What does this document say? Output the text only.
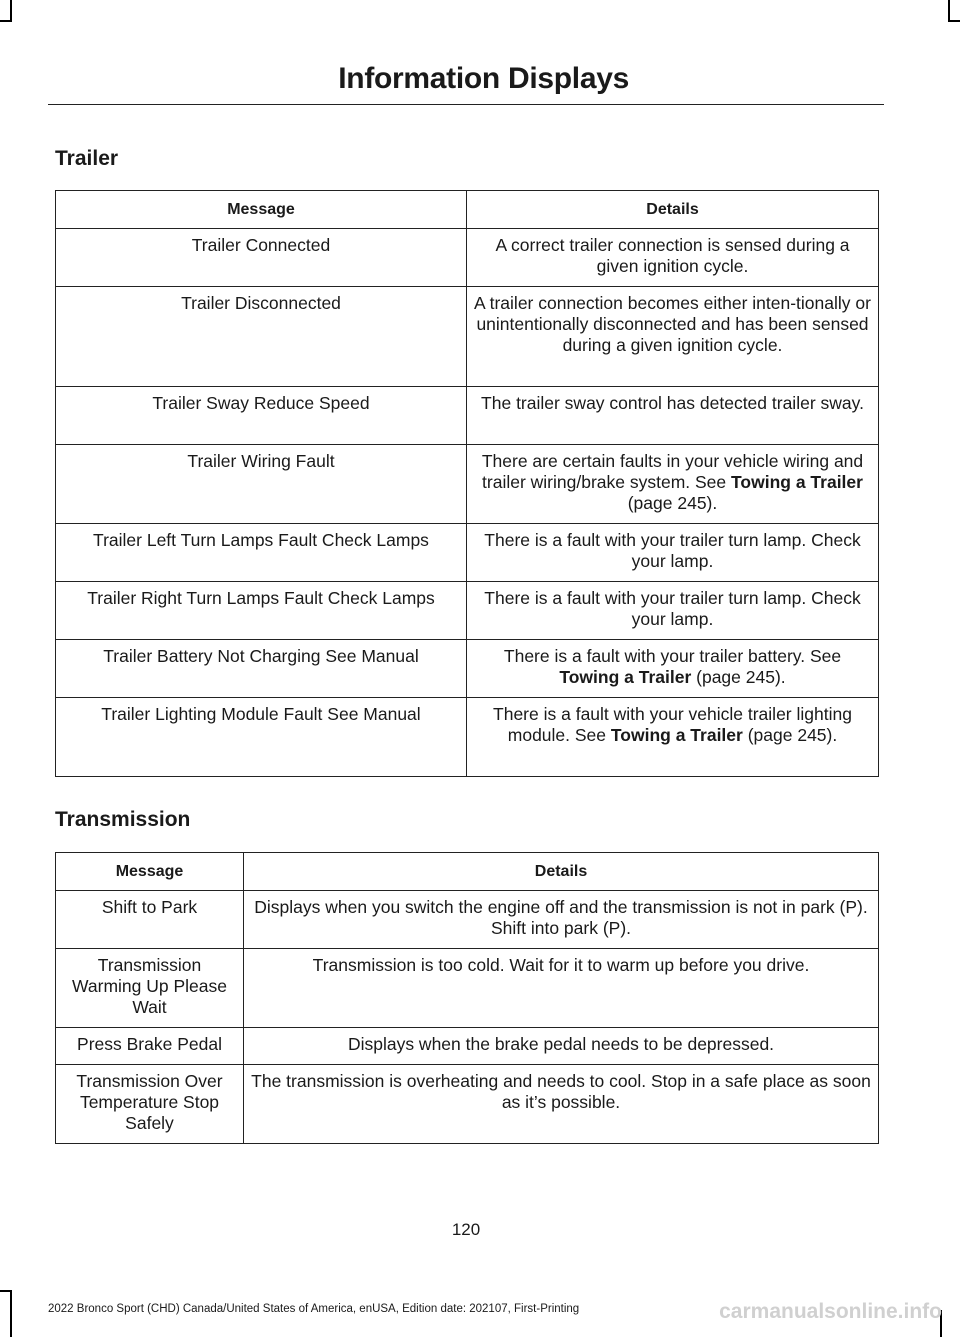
Information Displays
Trailer
Message	Details
Trailer Connected	A correct trailer connection is sensed during a given ignition cycle.
Trailer Disconnected	A trailer connection becomes either inten-tionally or unintentionally disconnected and has been sensed during a given ignition cycle.
Trailer Sway Reduce Speed	The trailer sway control has detected trailer sway.
Trailer Wiring Fault	There are certain faults in your vehicle wiring and trailer wiring/brake system. See Towing a Trailer (page 245).
Trailer Left Turn Lamps Fault Check Lamps	There is a fault with your trailer turn lamp. Check your lamp.
Trailer Right Turn Lamps Fault Check Lamps	There is a fault with your trailer turn lamp. Check your lamp.
Trailer Battery Not Charging See Manual	There is a fault with your trailer battery. See Towing a Trailer (page 245).
Trailer Lighting Module Fault See Manual	There is a fault with your vehicle trailer lighting module. See Towing a Trailer (page 245).
Transmission
Message	Details
Shift to Park	Displays when you switch the engine off and the transmission is not in park (P). Shift into park (P).
Transmission Warming Up Please Wait	Transmission is too cold. Wait for it to warm up before you drive.
Press Brake Pedal	Displays when the brake pedal needs to be depressed.
Transmission Over Temperature Stop Safely	The transmission is overheating and needs to cool. Stop in a safe place as soon as it’s possible.
120
2022 Bronco Sport (CHD) Canada/United States of America, enUSA, Edition date: 202107, First-Printing	carmanualsonline.info
